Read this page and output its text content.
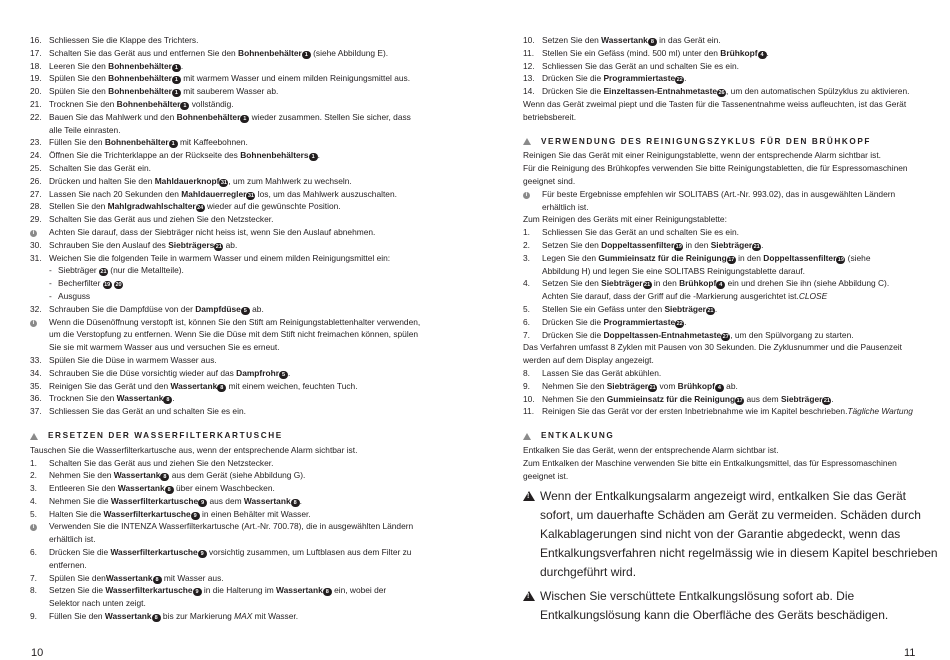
16. Schliessen Sie die Klappe des Trichters.
17. Schalten Sie das Gerät aus und entfernen Sie den Bohnenbehälter 1 (siehe Abbildung E).
18. Leeren Sie den Bohnenbehälter 1 .
19. Spülen Sie den Bohnenbehälter 1 mit warmem Wasser und einem milden Reinigungsmittel aus.
20. Spülen Sie den Bohnenbehälter 1 mit sauberem Wasser ab.
21. Trocknen Sie den Bohnenbehälter 1 vollständig.
22. Bauen Sie das Mahlwerk und den Bohnenbehälter 1 wieder zusammen. Stellen Sie sicher, dass
alle Teile einrasten.
23. Füllen Sie den Bohnenbehälter 1 mit Kaffeebohnen.
24. Öffnen Sie die Trichterklappe an der Rückseite des Bohnenbehälters 1 .
25. Schalten Sie das Gerät ein.
26. Drücken und halten Sie den Mahldauerknopf31, um zum Mahlwerk zu wechseln.
27. Lassen Sie nach 20 Sekunden den Mahldauerregler31 los, um das Mahlwerk auszuschalten.
28. Stellen Sie den Mahlgradwahlschalter24 wieder auf die gewünschte Position.
29. Schalten Sie das Gerät aus und ziehen Sie den Netzstecker.
i	Achten Sie darauf, dass der Siebträger nicht heiss ist, wenn Sie den Auslauf abnehmen.
30. Schrauben Sie den Auslauf des Siebträgers21 ab.
31. Weichen Sie die folgenden Teile in warmem Wasser und einem milden Reinigungsmittel ein:
- Siebträger 21 (nur die Metallteile).
- Becherfilter 19 20
- Ausguss
32. Schrauben Sie die Dampfdüse von der Dampfdüse 5 ab.
i	Wenn die Düsenöffnung verstopft ist, können Sie den Stift am Reinigungstablettenhalter verwenden,
um die Verstopfung zu entfernen. Wenn Sie die Düse mit dem Stift nicht freimachen können, spülen
Sie sie mit warmem Wasser aus und versuchen Sie es erneut.
33. Spülen Sie die Düse in warmem Wasser aus.
34. Schrauben Sie die Düse vorsichtig wieder auf das Dampfrohr 5 .
35. Reinigen Sie das Gerät und den Wassertank 8 mit einem weichen, feuchten Tuch.
36. Trocknen Sie den Wassertank 8 .
37. Schliessen Sie das Gerät an und schalten Sie es ein.
ERSETZEN DER WASSERFILTERKARTUSCHE
Tauschen Sie die Wasserfilterkartusche aus, wenn der entsprechende Alarm sichtbar ist.
1.	Schalten Sie das Gerät aus und ziehen Sie den Netzstecker.
2.	Nehmen Sie den Wassertank 8 aus dem Gerät (siehe Abbildung G).
3.	Entleeren Sie den Wassertank 8 über einem Waschbecken.
4.	Nehmen Sie die Wasserfilterkartusche 9 aus dem Wassertank 8 .
5.	Halten Sie die Wasserfilterkartusche 9 in einen Behälter mit Wasser.
i	Verwenden Sie die INTENZA Wasserfilterkartusche (Art.-Nr. 700.78), die in ausgewählten Ländern
erhältlich ist.
6.	Drücken Sie die Wasserfilterkartusche 9 vorsichtig zusammen, um Luftblasen aus dem Filter zu
entfernen.
7.	Spülen Sie denWassertank 8 mit Wasser aus.
8.	Setzen Sie die Wasserfilterkartusche 9 in die Halterung im Wassertank 8 ein, wobei der
Selektor nach unten zeigt.
9.	Füllen Sie den Wassertank 8 bis zur Markierung MAX mit Wasser.
10. Setzen Sie den Wassertank 8 in das Gerät ein.
11. Stellen Sie ein Gefäss (mind. 500 ml) unter den Brühkopf 4 .
12. Schliessen Sie das Gerät an und schalten Sie es ein.
13. Drücken Sie die Programmiertaste22.
14. Drücken Sie die Einzeltassen-Entnahmetaste26, um den automatischen Spülzyklus zu aktivieren.
Wenn das Gerät zweimal piept und die Tasten für die Tassenentnahme weiss aufleuchten, ist das Gerät
betriebsbereit.
VERWENDUNG DES REINIGUNGSZYKLUS FÜR DEN BRÜHKOPF
Reinigen Sie das Gerät mit einer Reinigungstablette, wenn der entsprechende Alarm sichtbar ist.
Für die Reinigung des Brühkopfes verwenden Sie bitte Reinigungstabletten, die für Espressomaschinen
geeignet sind.
i	Für beste Ergebnisse empfehlen wir SOLITABS (Art.-Nr. 993.02), das in ausgewählten Ländern
erhältlich ist.
Zum Reinigen des Geräts mit einer Reinigungstablette:
1.	Schliessen Sie das Gerät an und schalten Sie es ein.
2.	Setzen Sie den Doppeltassenfilter19 in den Siebträger21.
3.	Legen Sie den Gummieinsatz für die Reinigung17 in den Doppeltassenfilter19 (siehe
Abbildung H) und legen Sie eine SOLITABS Reinigungstablette darauf.
4.	Setzen Sie den Siebträger21 in den Brühkopf 4 ein und drehen Sie ihn (siehe Abbildung C).
Achten Sie darauf, dass der Griff auf die -Markierung ausgerichtet ist.CLOSE
5.	Stellen Sie ein Gefäss unter den Siebträger21.
6.	Drücken Sie die Programmiertaste22.
7.	Drücken Sie die Doppeltassen-Entnahmetaste27, um den Spülvorgang zu starten.
Das Verfahren umfasst 8 Zyklen mit Pausen von 30 Sekunden. Die Zyklusnummer und die Pausenzeit
werden auf dem Display angezeigt.
8.	Lassen Sie das Gerät abkühlen.
9.	Nehmen Sie den Siebträger21 vom Brühkopf 4 ab.
10. Nehmen Sie den Gummieinsatz für die Reinigung17 aus dem Siebträger21.
11. Reinigen Sie das Gerät vor der ersten Inbetriebnahme wie im Kapitel beschrieben.Tägliche Wartung
ENTKALKUNG
Entkalken Sie das Gerät, wenn der entsprechende Alarm sichtbar ist.
Zum Entkalken der Maschine verwenden Sie bitte ein Entkalkungsmittel, das für Espressomaschinen
geeignet ist.
!
Wenn der Entkalkungsalarm angezeigt wird, entkalken Sie das Gerät
sofort, um dauerhafte Schäden am Gerät zu vermeiden. Schäden durch
Kalkablagerungen sind nicht von der Garantie abgedeckt, wenn das
Entkalkungsverfahren nicht regelmässig wie in diesem Kapitel beschrieben
durchgeführt wird.
!
Wischen Sie verschüttete Entkalkungslösung sofort ab. Die
Entkalkungslösung kann die Oberfläche des Geräts beschädigen.
10	11
